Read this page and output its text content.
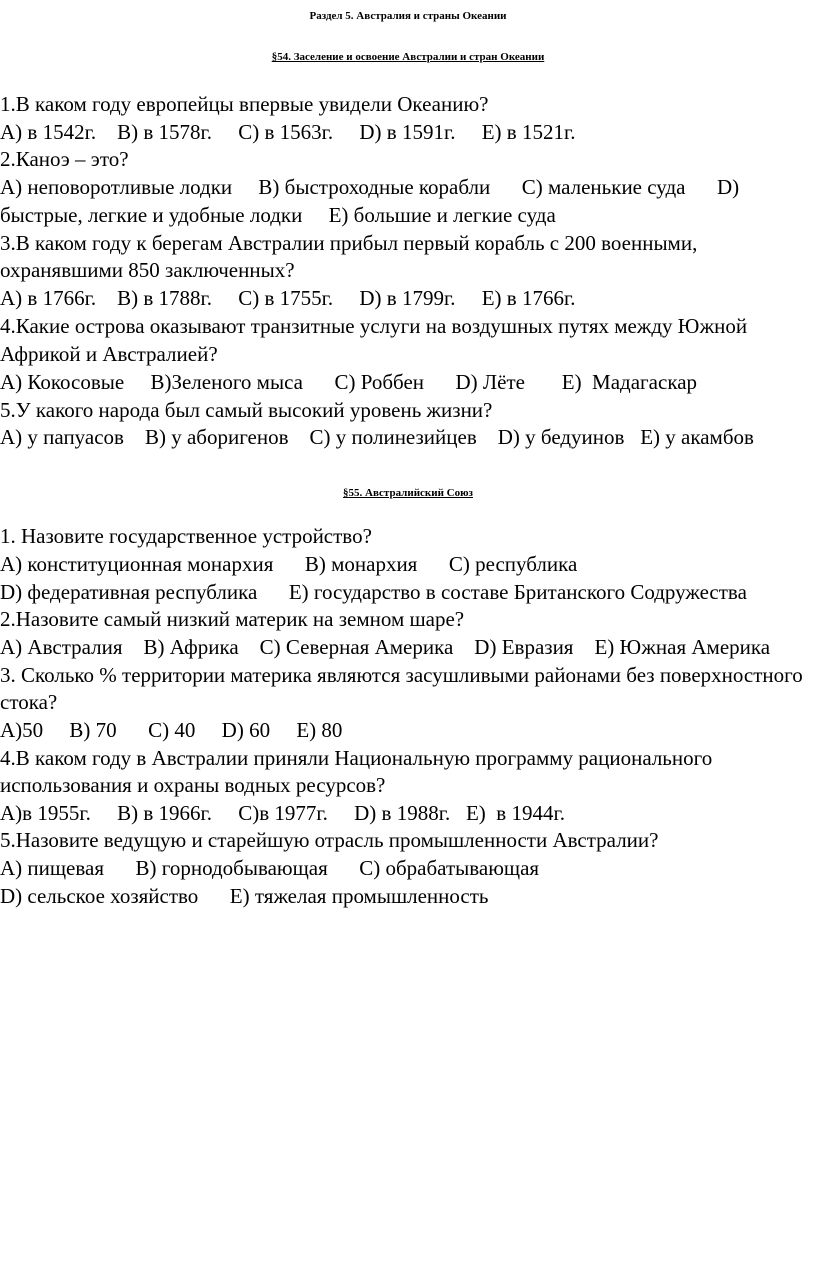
Раздел 5. Австралия и страны Океании
§54. Заселение и освоение Австралии и стран Океании
1.В каком году европейцы впервые увидели Океанию?
А) в 1542г.    В) в 1578г.     С) в 1563г.     D) в 1591г.     Е) в 1521г.
2.Каноэ – это?
А) неповоротливые лодки     В) быстроходные корабли      С) маленькие суда      D)
быстрые, легкие и удобные лодки     Е) большие и легкие суда
3.В каком году к берегам Австралии прибыл первый корабль с 200 военными,
охранявшими 850 заключенных?
А) в 1766г.    В) в 1788г.     С) в 1755г.     D) в 1799г.     Е) в 1766г.
4.Какие острова оказывают транзитные услуги на воздушных путях между Южной
Африкой и Австралией?
А) Кокосовые     В)Зеленого мыса      С) Роббен      D) Лёте       Е)  Мадагаскар
5.У какого народа был самый высокий уровень жизни?
А) у папуасов    В) у аборигенов    С) у полинезийцев    D) у бедуинов   Е) у акамбов
§55. Австралийский Союз
1. Назовите государственное устройство?
А) конституционная монархия      В) монархия      С) республика
D) федеративная республика      Е) государство в составе Британского Содружества
2.Назовите самый низкий материк на земном шаре?
А) Австралия    В) Африка    С) Северная Америка    D) Евразия    Е) Южная Америка
3. Сколько % территории материка являются засушливыми районами без поверхностного
стока?
А)50     В) 70      С) 40     D) 60     Е) 80
4.В каком году в Австралии приняли Национальную программу рационального
использования и охраны водных ресурсов?
А)в 1955г.     В) в 1966г.     С)в 1977г.     D) в 1988г.   Е)  в 1944г.
5.Назовите ведущую и старейшую отрасль промышленности Австралии?
А) пищевая      В) горнодобывающая      С) обрабатывающая
D) сельское хозяйство      Е) тяжелая промышленность
